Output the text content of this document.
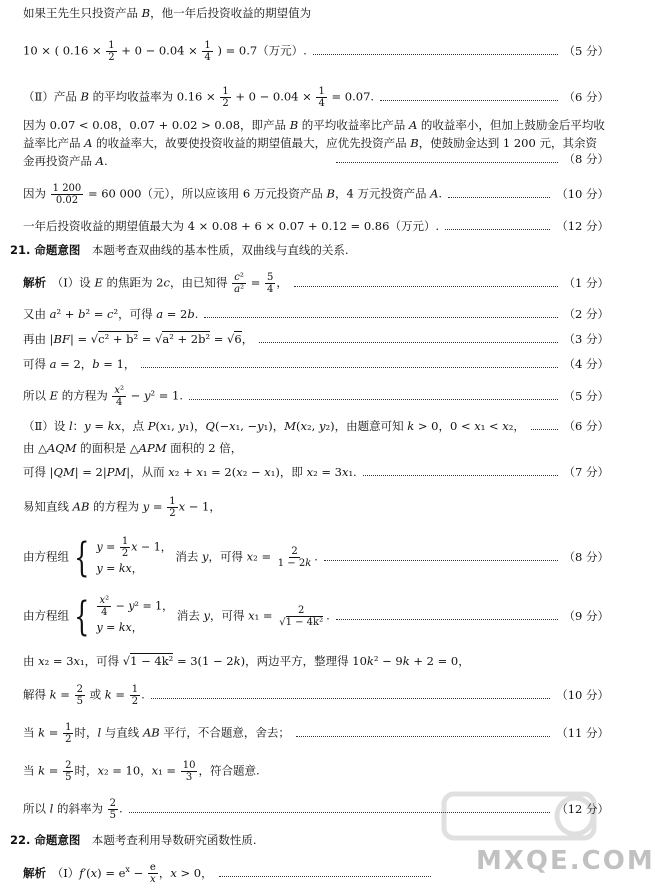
如果王先生只投资产品 B，他一年后投资收益的期望值为
10 × ( $0.16 \times \frac{1}{2} + 0 - 0.04 \times \frac{1}{4}$ ) = 0.7（万元）.	（5 分）
（Ⅱ）产品 B 的平均收益率为 $0.16 \times \frac{1}{2} + 0 - 0.04 \times \frac{1}{4} = 0.07$.	（6 分）
因为 0.07 < 0.08，0.07 + 0.02 > 0.08，即产品 B 的平均收益率比产品 A 的收益率小，但加上鼓励金后平均收益率比产品 A 的收益率大，故要使投资收益的期望值最大，应优先投资产品 B，使鼓励金达到 1 200 元，其余资金再投资产品 A.	（8 分）
因为 $\frac{1 200}{0.02} = 60$ 000（元），所以应该用 6 万元投资产品 B，4 万元投资产品 A.	（10 分）
一年后投资收益的期望值最大为 4 × 0.08 + 6 × 0.07 + 0.12 = 0.86（万元）.	（12 分）
21. 命题意图　本题考查双曲线的基本性质，双曲线与直线的关系.
解析　（Ⅰ）设 E 的焦距为 2c，由已知得 $\frac{\text{c²}}{\text{a²}} = \frac{5}{4}$ ，	（1 分）
又由 a² + b² = c²，可得 a = 2b.	（2 分）
再由 |BF| = √c² + b² = √a² + 2b² = √6，	（3 分）
可得 a = 2，b = 1，	（4 分）
所以 E 的方程为 $\frac{\text{x²}}{4} - y^2 = 1$.	（5 分）
（Ⅱ）设 l：y = kx，点 P(x₁, y₁)，Q(−x₁, −y₁)，M(x₂, y₂)，由题意可知 k > 0，0 < x₁ < x₂，	（6 分）
由 △AQM 的面积是 △APM 面积的 2 倍，
可得 |QM| = 2|PM|，从而 x₂ + x₁ = 2(x₂ − x₁)，即 x₂ = 3x₁.	（7 分）
易知直线 AB 的方程为 $y = \frac{1}{2}$ x − 1，
由方程组 { $y = \frac{1}{2}$ x − 1，
y = kx，
消去 y，可得 $x_2 = \frac{2}{1 - 2k}$ .	（8 分）
由方程组 { $\frac{\text{x²}}{4} - y^2 = 1$，
y = kx，
消去 y，可得 $x_1 = \frac{2}{\text{√1 − 4k²}}$ .	（9 分）
由 x₂ = 3x₁，可得 √1 − 4k² = 3(1 − 2k)，两边平方，整理得 10k² − 9k + 2 = 0，
解得 $k = \frac{2}{5}$ 或 $k = \frac{1}{2}$ .	（10 分）
当 $k = \frac{1}{2}$ 时，l 与直线 AB 平行，不合题意，舍去；	（11 分）
当 $k = \frac{2}{5}$ 时，x₂ = 10，$x_1 = \frac{10}{3}$ ，符合题意.
所以 l 的斜率为 $\frac{2}{5}$ .	（12 分）
22. 命题意图　本题考查利用导数研究函数性质.
解析　（Ⅰ）f′(x) = $e^x - \frac{e}{x}$ ，x > 0，	MXQE.COM
